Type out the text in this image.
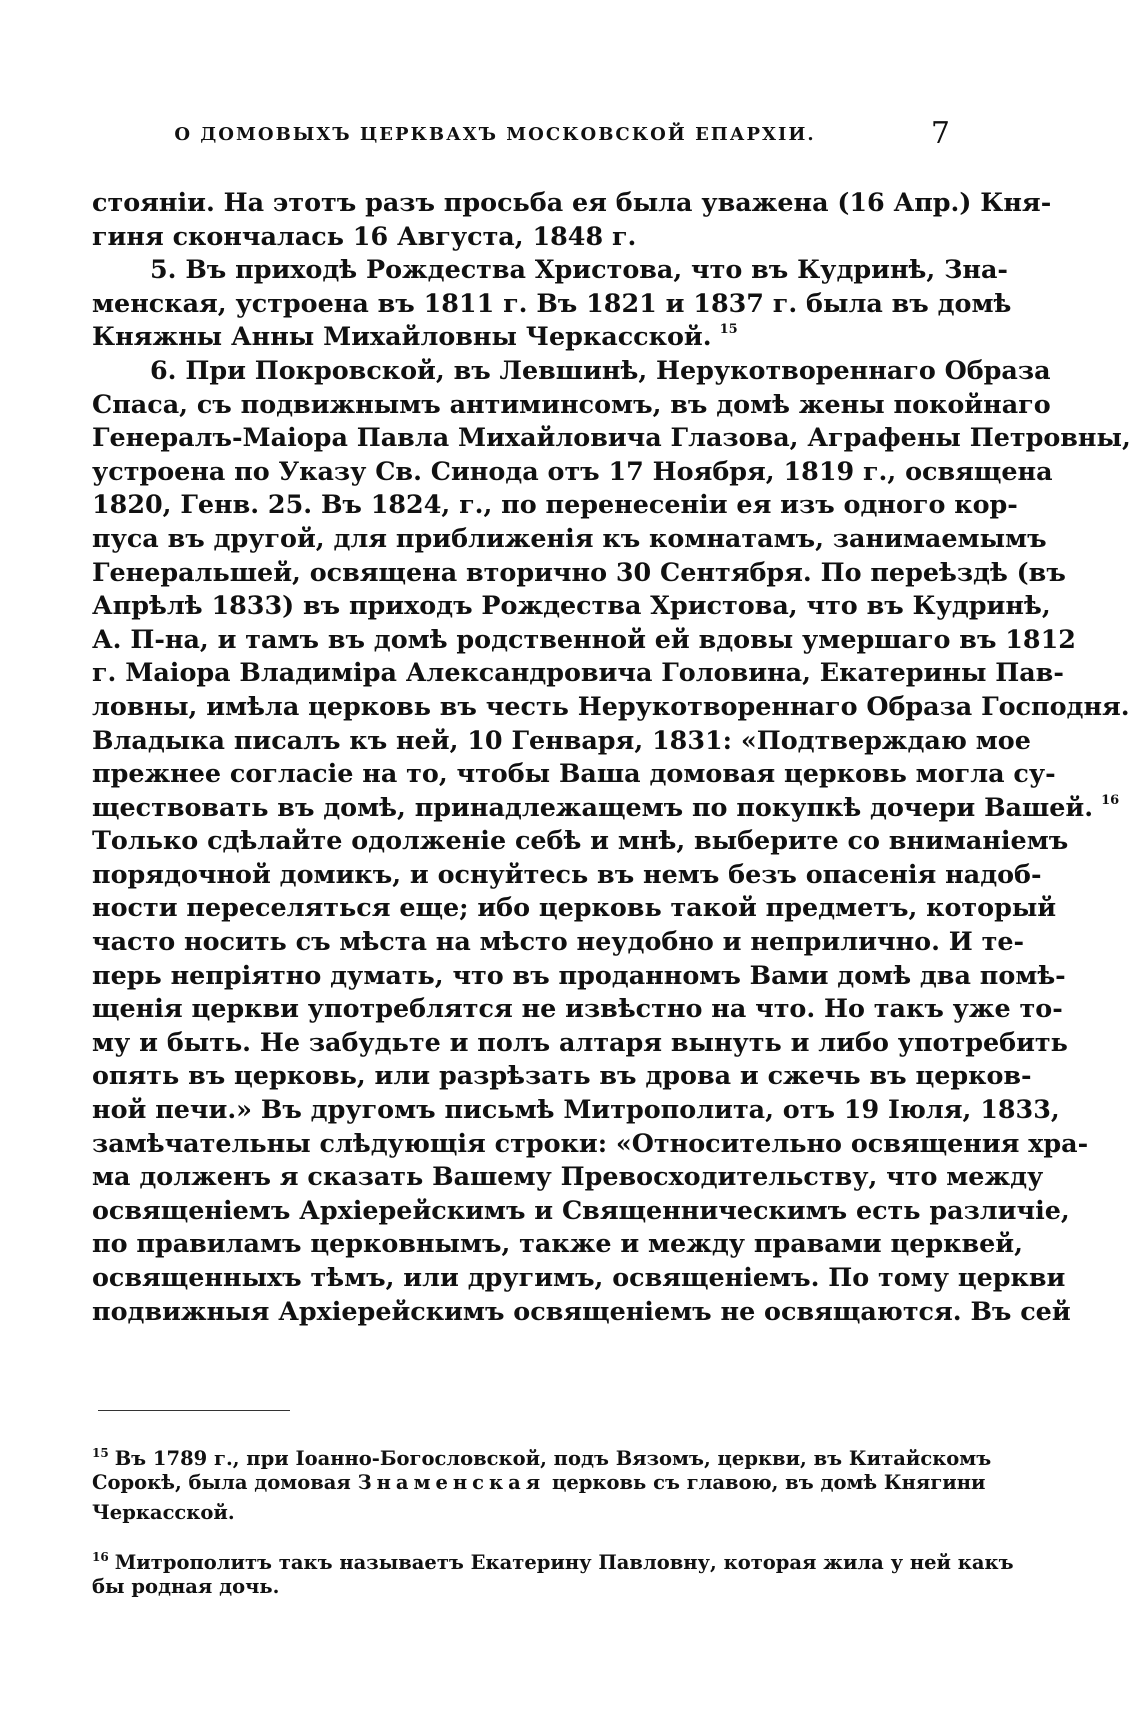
О ДОМОВЫХЪ ЦЕРКВАХЪ МОСКОВСКОЙ ЕПАРХІИ.	7
стояніи. На этотъ разъ просьба ея была уважена (16 Апр.) Кня-
гиня скончалась 16 Августа, 1848 г.
5. Въ приходѣ Рождества Христова, что въ Кудринѣ, Зна-
менская, устроена въ 1811 г. Въ 1821 и 1837 г. была въ домѣ
Княжны Анны Михайловны Черкасской. $^{15}$
6. При Покровской, въ Левшинѣ, Нерукотвореннаго Образа
Спаса, съ подвижнымъ антиминсомъ, въ домѣ жены покойнаго
Генералъ-Маіора Павла Михайловича Глазова, Аграфены Петровны,
устроена по Указу Св. Синода отъ 17 Ноября, 1819 г., освящена
1820, Генв. 25. Въ 1824, г., по перенесеніи ея изъ одного кор-
пуса въ другой, для приближенія къ комнатамъ, занимаемымъ
Генеральшей, освящена вторично 30 Сентября. По переѣздѣ (въ
Апрѣлѣ 1833) въ приходъ Рождества Христова, что въ Кудринѣ,
А. П-на, и тамъ въ домѣ родственной ей вдовы умершаго въ 1812
г. Маіора Владиміра Александровича Головина, Екатерины Пав-
ловны, имѣла церковь въ честь Нерукотвореннаго Образа Господня.
Владыка писалъ къ ней, 10 Генваря, 1831: «Подтверждаю мое
прежнее согласіе на то, чтобы Ваша домовая церковь могла су-
ществовать въ домѣ, принадлежащемъ по покупкѣ дочери Вашей. $^{16}$
Только сдѣлайте одолженіе себѣ и мнѣ, выберите со вниманіемъ
порядочной домикъ, и оснуйтесь въ немъ безъ опасенія надоб-
ности переселяться еще; ибо церковь такой предметъ, который
часто носить съ мѣста на мѣсто неудобно и неприлично. И те-
перь непріятно думать, что въ проданномъ Вами домѣ два помѣ-
щенія церкви употреблятся не извѣстно на что. Но такъ уже то-
му и быть. Не забудьте и полъ алтаря вынуть и либо употребить
опять въ церковь, или разрѣзать въ дрова и сжечь въ церков-
ной печи.» Въ другомъ письмѣ Митрополита, отъ 19 Іюля, 1833,
замѣчательны слѣдующія строки: «Относительно освящения хра-
ма долженъ я сказать Вашему Превосходительству, что между
освященіемъ Архіерейскимъ и Священническимъ есть различіе,
по правиламъ церковнымъ, также и между правами церквей,
освященныхъ тѣмъ, или другимъ, освященіемъ. По тому церкви
подвижныя Архіерейскимъ освященіемъ не освящаются. Въ сей
$^{15}$ Въ 1789 г., при Іоанно-Богословской, подъ Вязомъ, церкви, въ Китайскомъ
Сорокѣ, была домовая Знаменская церковь съ главою, въ домѣ Княгини
Черкасской.
$^{16}$ Митрополитъ такъ называетъ Екатерину Павловну, которая жила у ней какъ
бы родная дочь.
